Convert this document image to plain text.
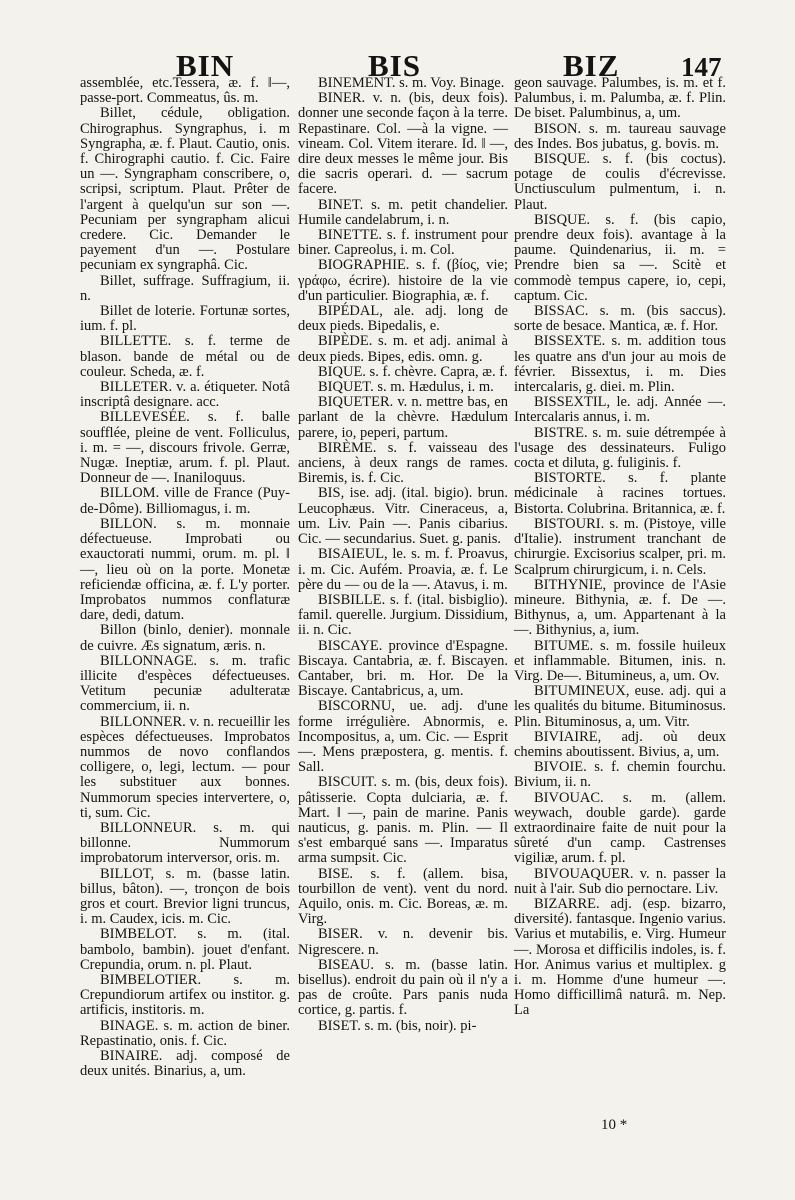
BIN	BIS	BIZ 147

assemblée, etc.Tessera, æ. f. ‖—, passe-port. Commeatus, ûs. m.

Billet, cédule, obligation. Chirographus. Syngraphus, i. m Syngrapha, æ. f. Plaut. Cautio, onis. f. Chirographi cautio. f. Cic. Faire un —. Syngrapham conscribere, o, scripsi, scriptum. Plaut. Prêter de l'argent à quelqu'un sur son —. Pecuniam per syngrapham alicui credere. Cic. Demander le payement d'un —. Postulare pecuniam ex syngraphâ. Cic.

Billet, suffrage. Suffragium, ii. n.

Billet de loterie. Fortunæ sortes, ium. f. pl.

BILLETTE. s. f. terme de blason. bande de métal ou de couleur. Scheda, æ. f.

BILLETER. v. a. étiqueter. Notâ inscriptâ designare. acc.

BILLEVESÉE. s. f. balle soufflée, pleine de vent. Folliculus, i. m. = —, discours frivole. Gerræ, Nugæ. Ineptiæ, arum. f. pl. Plaut. Donneur de —. Inaniloquus.

BILLOM. ville de France (Puy-de-Dôme). Billiomagus, i. m.

BILLON. s. m. monnaie défectueuse. Improbati ou exauctorati nummi, orum. m. pl. ‖ —, lieu où on la porte. Monetæ reficiendæ officina, æ. f. L'y porter. Improbatos nummos conflaturæ dare, dedi, datum.

Billon (binlo, denier). monnale de cuivre. Æs signatum, æris. n.

BILLONNAGE. s. m. trafic illicite d'espèces défectueuses. Vetitum pecuniæ adulteratæ commercium, ii. n.

BILLONNER. v. n. recueillir les espèces défectueuses. Improbatos nummos de novo conflandos colligere, o, legi, lectum. — pour les substituer aux bonnes. Nummorum species intervertere, o, ti, sum. Cic.

BILLONNEUR. s. m. qui billonne. Nummorum improbatorum interversor, oris. m.

BILLOT, s. m. (basse latin. billus, bâton). —, tronçon de bois gros et court. Brevior ligni truncus, i. m. Caudex, icis. m. Cic.

BIMBELOT. s. m. (ital. bambolo, bambin). jouet d'enfant. Crepundia, orum. n. pl. Plaut.

BIMBELOTIER. s. m. Crepundiorum artifex ou institor. g. artificis, institoris. m.

BINAGE. s. m. action de biner. Repastinatio, onis. f. Cic.

BINAIRE. adj. composé de deux unités. Binarius, a, um.

BINEMENT. s. m. Voy. Binage.

BINER. v. n. (bis, deux fois). donner une seconde façon à la terre. Repastinare. Col. —à la vigne. — vineam. Col. Vitem iterare. Id. ‖ —, dire deux messes le même jour. Bis die sacris operari. d. — sacrum facere.

BINET. s. m. petit chandelier. Humile candelabrum, i. n.

BINETTE. s. f. instrument pour biner. Capreolus, i. m. Col.

BIOGRAPHIE. s. f. (βίος, vie; γράφω, écrire). histoire de la vie d'un particulier. Biographia, æ. f.

BIPÉDAL, ale. adj. long de deux pieds. Bipedalis, e.

BIPÈDE. s. m. et adj. animal à deux pieds. Bipes, edis. omn. g.

BIQUE. s. f. chèvre. Capra, æ. f.

BIQUET. s. m. Hædulus, i. m.

BIQUETER. v. n. mettre bas, en parlant de la chèvre. Hædulum parere, io, peperi, partum.

BIRÈME. s. f. vaisseau des anciens, à deux rangs de rames. Biremis, is. f. Cic.

BIS, ise. adj. (ital. bigio). brun. Leucophæus. Vitr. Cineraceus, a, um. Liv. Pain —. Panis cibarius. Cic. — secundarius. Suet. g. panis.

BISAIEUL, le. s. m. f. Proavus, i. m. Cic. Aufém. Proavia, æ. f. Le père du — ou de la —. Atavus, i. m.

BISBILLE. s. f. (ital. bisbiglio). famil. querelle. Jurgium. Dissidium, ii. n. Cic.

BISCAYE. province d'Espagne. Biscaya. Cantabria, æ. f. Biscayen. Cantaber, bri. m. Hor. De la Biscaye. Cantabricus, a, um.

BISCORNU, ue. adj. d'une forme irrégulière. Abnormis, e. Incompositus, a, um. Cic. — Esprit —. Mens præpostera, g. mentis. f. Sall.

BISCUIT. s. m. (bis, deux fois). pâtisserie. Copta dulciaria, æ. f. Mart. ‖ —, pain de marine. Panis nauticus, g. panis. m. Plin. — Il s'est embarqué sans —. Imparatus arma sumpsit. Cic.

BISE. s. f. (allem. bisa, tourbillon de vent). vent du nord. Aquilo, onis. m. Cic. Boreas, æ. m. Virg.

BISER. v. n. devenir bis. Nigrescere. n.

BISEAU. s. m. (basse latin. bisellus). endroit du pain où il n'y a pas de croûte. Pars panis nuda cortice, g. partis. f.

BISET. s. m. (bis, noir). pi-

geon sauvage. Palumbes, is. m. et f. Palumbus, i. m. Palumba, æ. f. Plin. De biset. Palumbinus, a, um.

BISON. s. m. taureau sauvage des Indes. Bos jubatus, g. bovis. m.

BISQUE. s. f. (bis coctus). potage de coulis d'écrevisse. Unctiusculum pulmentum, i. n. Plaut.

BISQUE. s. f. (bis capio, prendre deux fois). avantage à la paume. Quindenarius, ii. m. = Prendre bien sa —. Scitè et commodè tempus capere, io, cepi, captum. Cic.

BISSAC. s. m. (bis saccus). sorte de besace. Mantica, æ. f. Hor.

BISSEXTE. s. m. addition tous les quatre ans d'un jour au mois de février. Bissextus, i. m. Dies intercalaris, g. diei. m. Plin.

BISSEXTIL, le. adj. Année —. Intercalaris annus, i. m.

BISTRE. s. m. suie détrempée à l'usage des dessinateurs. Fuligo cocta et diluta, g. fuliginis. f.

BISTORTE. s. f. plante médicinale à racines tortues. Bistorta. Colubrina. Britannica, æ. f.

BISTOURI. s. m. (Pistoye, ville d'Italie). instrument tranchant de chirurgie. Excisorius scalper, pri. m. Scalprum chirurgicum, i. n. Cels.

BITHYNIE, province de l'Asie mineure. Bithynia, æ. f. De —. Bithynus, a, um. Appartenant à la —. Bithynius, a, ium.

BITUME. s. m. fossile huileux et inflammable. Bitumen, inis. n. Virg. De—. Bitumineus, a, um. Ov.

BITUMINEUX, euse. adj. qui a les qualités du bitume. Bituminosus. Plin. Bituminosus, a, um. Vitr.

BIVIAIRE, adj. où deux chemins aboutissent. Bivius, a, um.

BIVOIE. s. f. chemin fourchu. Bivium, ii. n.

BIVOUAC. s. m. (allem. weywach, double garde). garde extraordinaire faite de nuit pour la sûreté d'un camp. Castrenses vigiliæ, arum. f. pl.

BIVOUAQUER. v. n. passer la nuit à l'air. Sub dio pernoctare. Liv.

BIZARRE. adj. (esp. bizarro, diversité). fantasque. Ingenio varius. Varius et mutabilis, e. Virg. Humeur —. Morosa et difficilis indoles, is. f. Hor. Animus varius et multiplex. g i. m. Homme d'une humeur —. Homo difficillimâ naturâ. m. Nep. La

10 *
